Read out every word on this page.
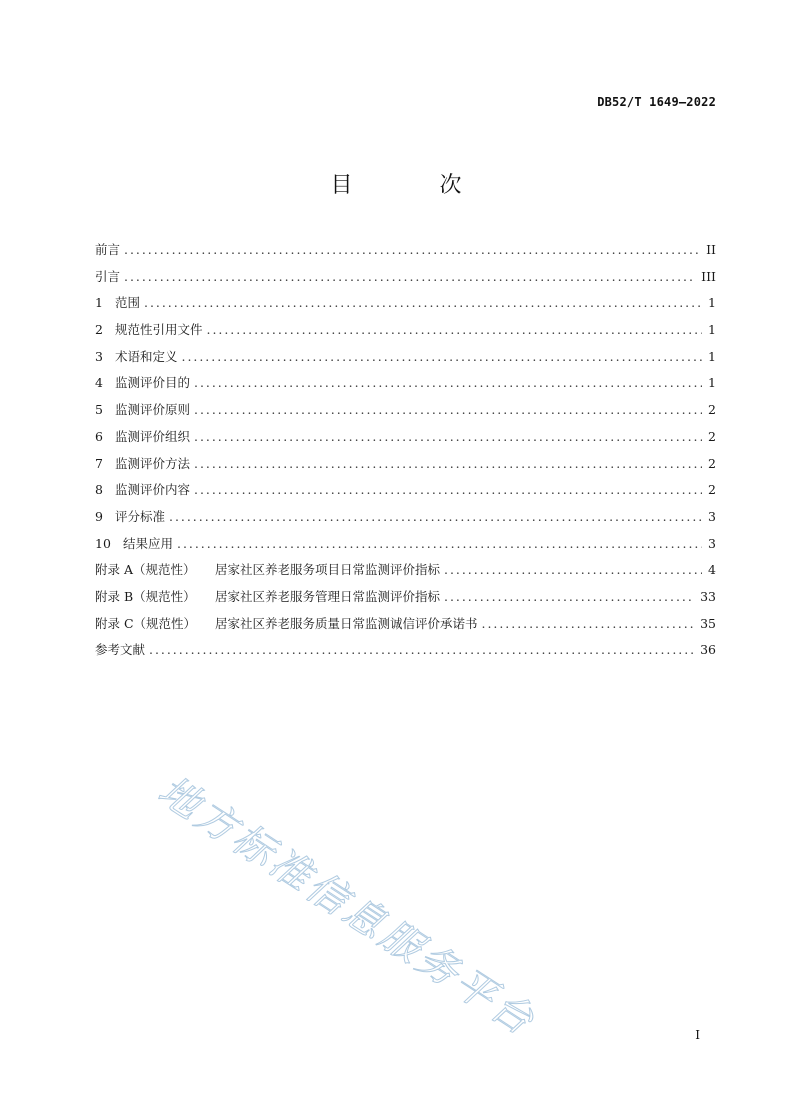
DB52/T 1649—2022
目 次
前言 . . .	II
引言 . . .	III
1 范围 . . .	1
2 规范性引用文件 . . .	1
3 术语和定义 . . .	1
4 监测评价目的 . . .	1
5 监测评价原则 . . .	2
6 监测评价组织 . . .	2
7 监测评价方法 . . .	2
8 监测评价内容 . . .	2
9 评分标准 . . .	3
10 结果应用 . . .	3
附录 A（规范性）	居家社区养老服务项目日常监测评价指标 . . .	4
附录 B（规范性）	居家社区养老服务管理日常监测评价指标 . . .	33
附录 C（规范性）	居家社区养老服务质量日常监测诚信评价承诺书 . . .	35
参考文献 . . .	36
地方标准信息服务平台	I
